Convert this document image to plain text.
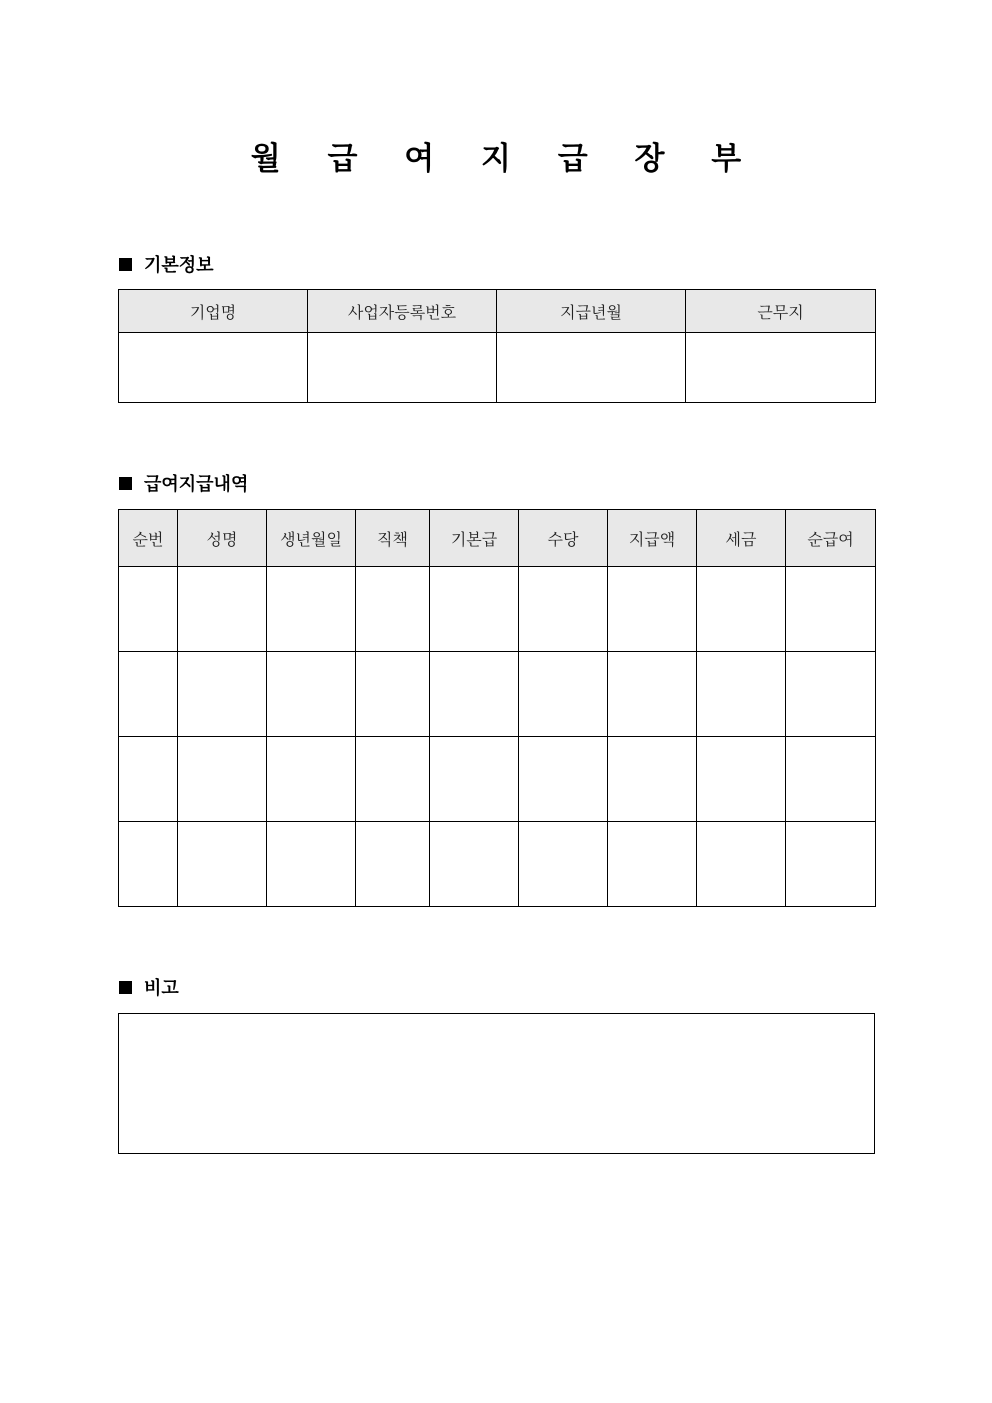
월 급 여 지 급 장 부
기본정보
기업명	사업자등록번호	지급년월	근무지

급여지급내역
순번	성명	생년월일	직책	기본급	수당	지급액	세금	순급여

비고
